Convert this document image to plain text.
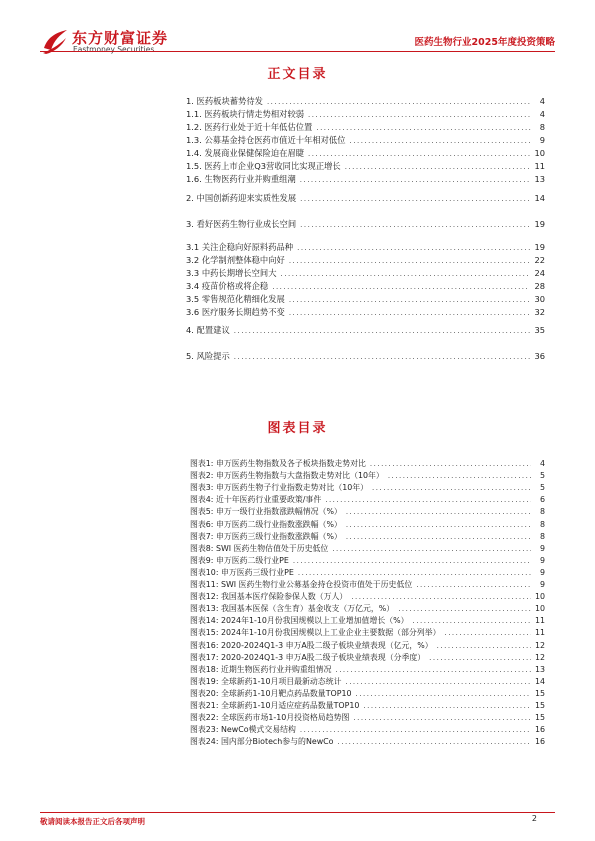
东方财富证券
Eastmoney Securities
医药生物行业2025年度投资策略
正文目录
1. 医药板块蓄势待发 .....	4
1.1. 医药板块行情走势相对较弱 .....	4
1.2. 医药行业处于近十年低估位置 .....	8
1.3. 公募基金持仓医药市值近十年相对低位 .....	9
1.4. 发展商业保健保险迫在眉睫 .....	10
1.5. 医药上市企业Q3营收同比实现正增长 .....	11
1.6. 生物医药行业并购重组潮 .....	13
2. 中国创新药迎来实质性发展 .....	14
3. 看好医药生物行业成长空间 .....	19
3.1 关注企稳向好原料药品种 .....	19
3.2 化学制剂整体稳中向好 .....	22
3.3 中药长期增长空间大 .....	24
3.4 疫苗价格或将企稳 .....	28
3.5 零售规范化精细化发展 .....	30
3.6 医疗服务长期趋势不变 .....	32
4. 配置建议 .....	35
5. 风险提示 .....	36
图表目录
图表1: 申万医药生物指数及各子板块指数走势对比 .....	4
图表2: 申万医药生物指数与大盘指数走势对比（10年） .....	5
图表3: 申万医药生物子行业指数走势对比（10年） .....	5
图表4: 近十年医药行业重要政策/事件 .....	6
图表5: 申万一级行业指数涨跌幅情况（%） .....	8
图表6: 申万医药二级行业指数涨跌幅（%） .....	8
图表7: 申万医药三级行业指数涨跌幅（%） .....	8
图表8: SWI 医药生物估值处于历史低位 .....	9
图表9: 申万医药二级行业PE .....	9
图表10: 申万医药三级行业PE .....	9
图表11: SWI 医药生物行业公募基金持仓投资市值处于历史低位 .....	9
图表12: 我国基本医疗保险参保人数（万人） .....	10
图表13: 我国基本医保（含生育）基金收支（万亿元，%） .....	10
图表14: 2024年1-10月份我国规模以上工业增加值增长（%） .....	11
图表15: 2024年1-10月份我国规模以上工业企业主要数据（部分列举） .....	11
图表16: 2020-2024Q1-3 申万A股二级子板块业绩表现（亿元，%） .....	12
图表17: 2020-2024Q1-3 申万A股二级子板块业绩表现（分季度） .....	12
图表18: 近期生物医药行业并购重组情况 .....	13
图表19: 全球新药1-10月项目最新动态统计 .....	14
图表20: 全球新药1-10月靶点药品数量TOP10 .....	15
图表21: 全球新药1-10月适应症药品数量TOP10 .....	15
图表22: 全球医药市场1-10月投资格局趋势图 .....	15
图表23: NewCo模式交易结构 .....	16
图表24: 国内部分Biotech参与的NewCo .....	16
敬请阅读本报告正文后各项声明	2
